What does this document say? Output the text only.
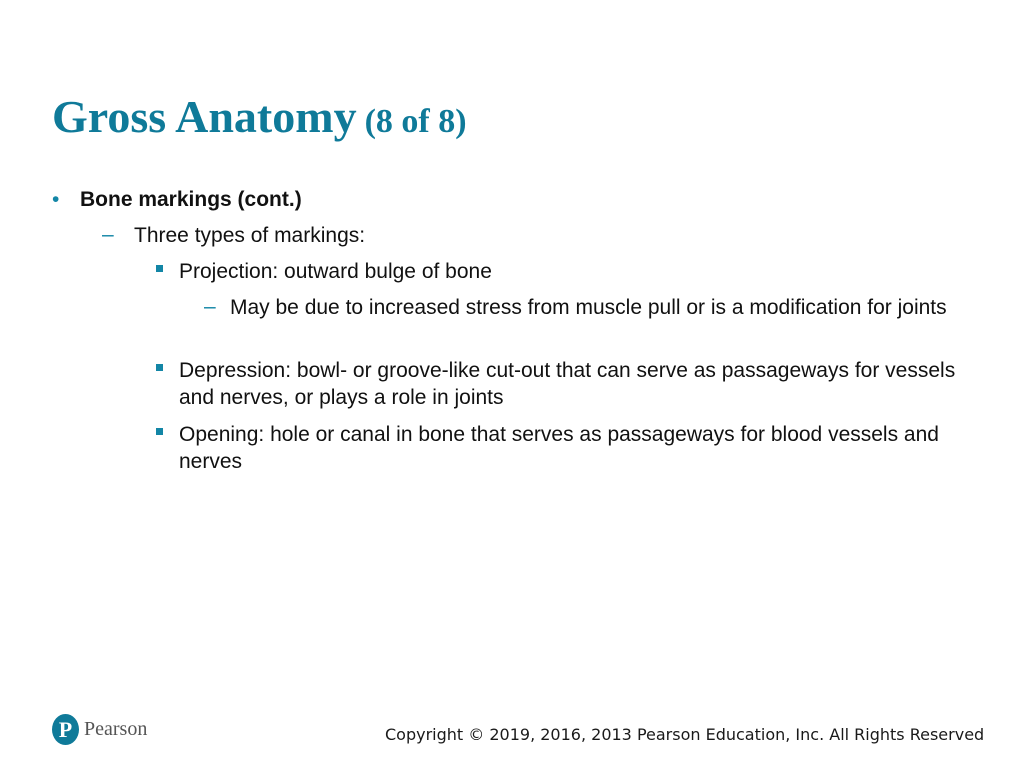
Gross Anatomy (8 of 8)

• Bone markings (cont.)

– Three types of markings:

Projection: outward bulge of bone

– May be due to increased stress from muscle pull or is a modification for joints

Depression: bowl- or groove-like cut-out that can serve as passageways for vessels and nerves, or plays a role in joints

Opening: hole or canal in bone that serves as passageways for blood vessels and nerves

P Pearson	Copyright © 2019, 2016, 2013 Pearson Education, Inc. All Rights Reserved
